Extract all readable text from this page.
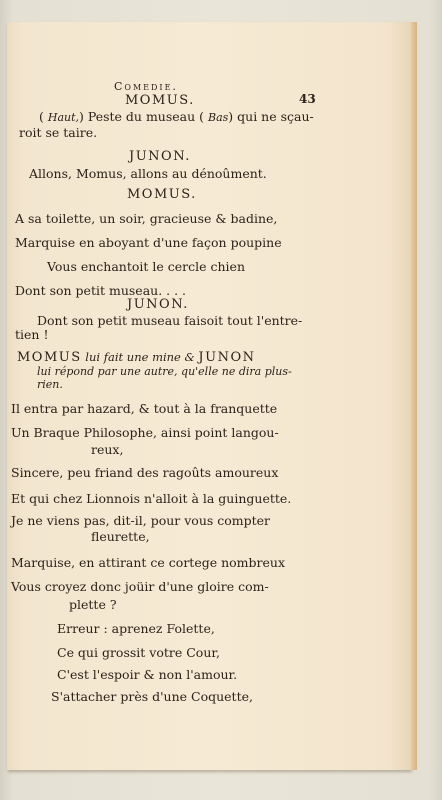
Comedie.
43
MOMUS.
( Haut,) Peste du museau ( Bas) qui ne sçau-
roit se taire.
JUNON.
Allons, Momus, allons au dénoûment.
MOMUS.
A sa toilette, un soir, gracieuse & badine,
Marquise en aboyant d'une façon poupine
Vous enchantoit le cercle chien
Dont son petit museau. . . .
JUNON.
Dont son petit museau faisoit tout l'entre-
tien !
MOMUS lui fait une mine & JUNON
lui répond par une autre, qu'elle ne dira plus-
rien.
Il entra par hazard, & tout à la franquette
Un Braque Philosophe, ainsi point langou-
reux,
Sincere, peu friand des ragoûts amoureux
Et qui chez Lionnois n'alloit à la guinguette.
Je ne viens pas, dit-il, pour vous compter
fleurette,
Marquise, en attirant ce cortege nombreux
Vous croyez donc joüir d'une gloire com-
plette ?
Erreur : aprenez Folette,
Ce qui grossit votre Cour,
C'est l'espoir & non l'amour.
S'attacher près d'une Coquette,
